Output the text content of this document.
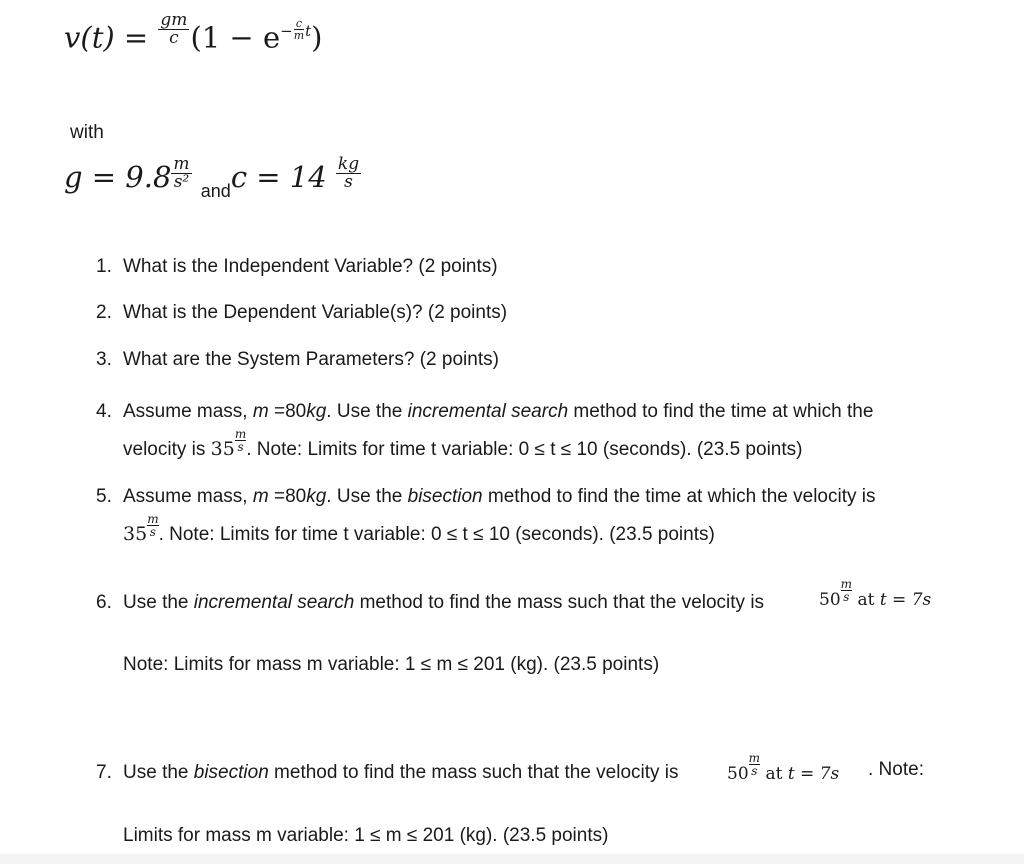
$v(t) = \frac{gm}{c} (1 - e^{- \frac{c}{m} t})$
with
$g = 9.8 \frac{m}{\text{s²}}$
$_{and}c = 14 \frac{kg}{s}$
1. What is the Independent Variable? (2 points)
2. What is the Dependent Variable(s)? (2 points)
3. What are the System Parameters? (2 points)
4. Assume mass, m =80kg. Use the incremental search method to find the time at which the
velocity is $35 \frac{m}{s}$ . Note: Limits for time t variable: 0 ≤ t ≤ 10 (seconds). (23.5 points)
5. Assume mass, m =80kg. Use the bisection method to find the time at which the velocity is
$35 \frac{m}{s}$ . Note: Limits for time t variable: 0 ≤ t ≤ 10 (seconds). (23.5 points)
6. Use the incremental search method to find the mass such that the velocity is	$50 \frac{m}{s}$ at t = 7s
Note: Limits for mass m variable: 1 ≤ m ≤ 201 (kg). (23.5 points)
7. Use the bisection method to find the mass such that the velocity is	$50 \frac{m}{s}$ at t = 7s . Note:
Limits for mass m variable: 1 ≤ m ≤ 201 (kg). (23.5 points)
